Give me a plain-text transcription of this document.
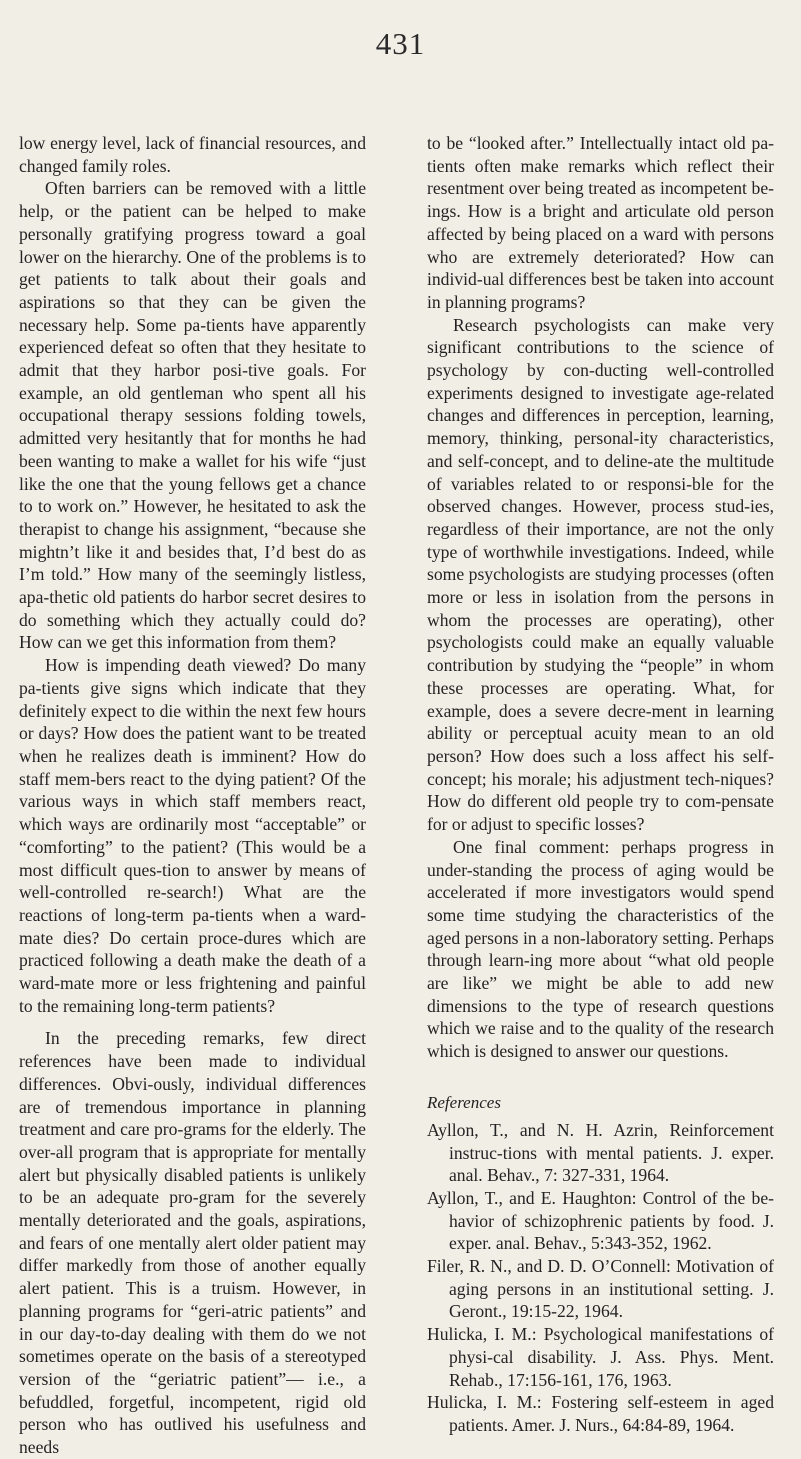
431

low energy level, lack of financial resources, and changed family roles.

Often barriers can be removed with a little help, or the patient can be helped to make personally gratifying progress toward a goal lower on the hierarchy. One of the problems is to get patients to talk about their goals and aspirations so that they can be given the necessary help. Some pa-tients have apparently experienced defeat so often that they hesitate to admit that they harbor posi-tive goals. For example, an old gentleman who spent all his occupational therapy sessions folding towels, admitted very hesitantly that for months he had been wanting to make a wallet for his wife “just like the one that the young fellows get a chance to to work on.” However, he hesitated to ask the therapist to change his assignment, “because she mightn’t like it and besides that, I’d best do as I’m told.” How many of the seemingly listless, apa-thetic old patients do harbor secret desires to do something which they actually could do? How can we get this information from them?

How is impending death viewed? Do many pa-tients give signs which indicate that they definitely expect to die within the next few hours or days? How does the patient want to be treated when he realizes death is imminent? How do staff mem-bers react to the dying patient? Of the various ways in which staff members react, which ways are ordinarily most “acceptable” or “comforting” to the patient? (This would be a most difficult ques-tion to answer by means of well-controlled re-search!) What are the reactions of long-term pa-tients when a ward-mate dies? Do certain proce-dures which are practiced following a death make the death of a ward-mate more or less frightening and painful to the remaining long-term patients?

In the preceding remarks, few direct references have been made to individual differences. Obvi-ously, individual differences are of tremendous importance in planning treatment and care pro-grams for the elderly. The over-all program that is appropriate for mentally alert but physically disabled patients is unlikely to be an adequate pro-gram for the severely mentally deteriorated and the goals, aspirations, and fears of one mentally alert older patient may differ markedly from those of another equally alert patient. This is a truism. However, in planning programs for “geri-atric patients” and in our day-to-day dealing with them do we not sometimes operate on the basis of a stereotyped version of the “geriatric patient”— i.e., a befuddled, forgetful, incompetent, rigid old person who has outlived his usefulness and needs

to be “looked after.” Intellectually intact old pa-tients often make remarks which reflect their resentment over being treated as incompetent be-ings. How is a bright and articulate old person affected by being placed on a ward with persons who are extremely deteriorated? How can individ-ual differences best be taken into account in planning programs?

Research psychologists can make very significant contributions to the science of psychology by con-ducting well-controlled experiments designed to investigate age-related changes and differences in perception, learning, memory, thinking, personal-ity characteristics, and self-concept, and to deline-ate the multitude of variables related to or responsi-ble for the observed changes. However, process stud-ies, regardless of their importance, are not the only type of worthwhile investigations. Indeed, while some psychologists are studying processes (often more or less in isolation from the persons in whom the processes are operating), other psychologists could make an equally valuable contribution by studying the “people” in whom these processes are operating. What, for example, does a severe decre-ment in learning ability or perceptual acuity mean to an old person? How does such a loss affect his self-concept; his morale; his adjustment tech-niques? How do different old people try to com-pensate for or adjust to specific losses?

One final comment: perhaps progress in under-standing the process of aging would be accelerated if more investigators would spend some time studying the characteristics of the aged persons in a non-laboratory setting. Perhaps through learn-ing more about “what old people are like” we might be able to add new dimensions to the type of research questions which we raise and to the quality of the research which is designed to answer our questions.

References

Ayllon, T., and N. H. Azrin, Reinforcement instruc-tions with mental patients. J. exper. anal. Behav., 7: 327-331, 1964.

Ayllon, T., and E. Haughton: Control of the be-havior of schizophrenic patients by food. J. exper. anal. Behav., 5:343-352, 1962.

Filer, R. N., and D. D. O’Connell: Motivation of aging persons in an institutional setting. J. Geront., 19:15-22, 1964.

Hulicka, I. M.: Psychological manifestations of physi-cal disability. J. Ass. Phys. Ment. Rehab., 17:156-161, 176, 1963.

Hulicka, I. M.: Fostering self-esteem in aged patients. Amer. J. Nurs., 64:84-89, 1964.
